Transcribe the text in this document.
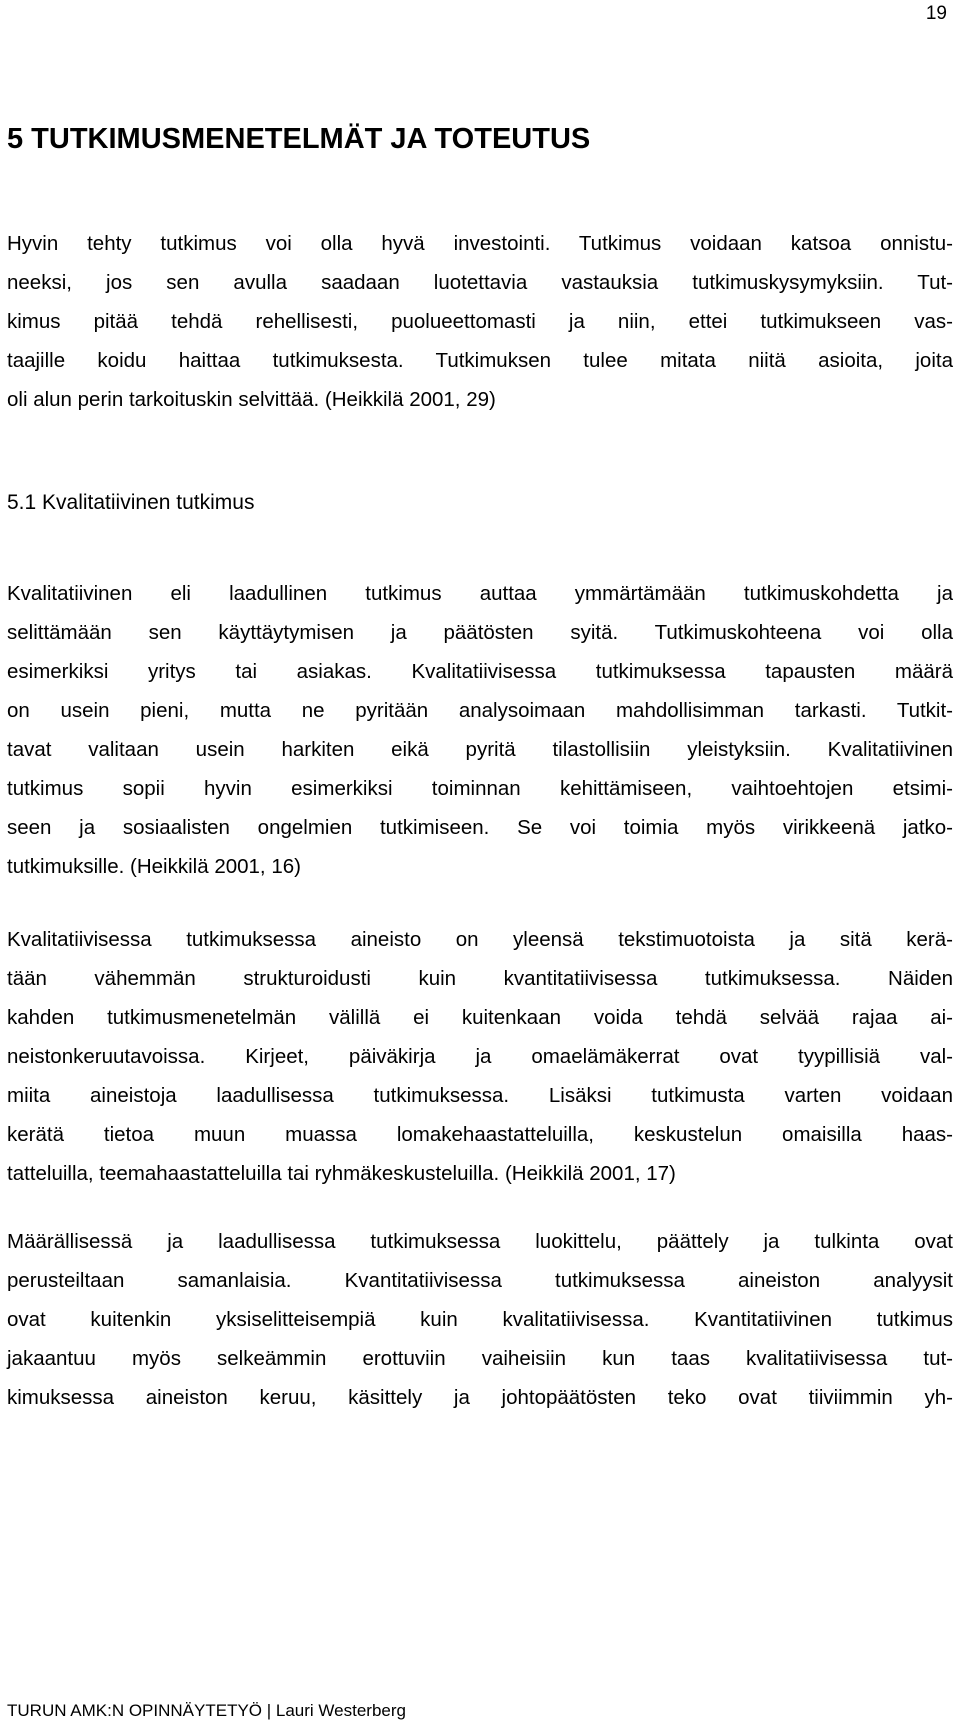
19
5 TUTKIMUSMENETELMÄT JA TOTEUTUS
Hyvin tehty tutkimus voi olla hyvä investointi. Tutkimus voidaan katsoa onnistu-
neeksi, jos sen avulla saadaan luotettavia vastauksia tutkimuskysymyksiin. Tut-
kimus pitää tehdä rehellisesti, puolueettomasti ja niin, ettei tutkimukseen vas-
taajille koidu haittaa tutkimuksesta. Tutkimuksen tulee mitata niitä asioita, joita
oli alun perin tarkoituskin selvittää. (Heikkilä 2001, 29)
5.1 Kvalitatiivinen tutkimus
Kvalitatiivinen eli laadullinen tutkimus auttaa ymmärtämään tutkimuskohdetta ja
selittämään sen käyttäytymisen ja päätösten syitä. Tutkimuskohteena voi olla
esimerkiksi yritys tai asiakas. Kvalitatiivisessa tutkimuksessa tapausten määrä
on usein pieni, mutta ne pyritään analysoimaan mahdollisimman tarkasti. Tutkit-
tavat valitaan usein harkiten eikä pyritä tilastollisiin yleistyksiin. Kvalitatiivinen
tutkimus sopii hyvin esimerkiksi toiminnan kehittämiseen, vaihtoehtojen etsimi-
seen ja sosiaalisten ongelmien tutkimiseen. Se voi toimia myös virikkeenä jatko-
tutkimuksille. (Heikkilä 2001, 16)
Kvalitatiivisessa tutkimuksessa aineisto on yleensä tekstimuotoista ja sitä kerä-
tään vähemmän strukturoidusti kuin kvantitatiivisessa tutkimuksessa. Näiden
kahden tutkimusmenetelmän välillä ei kuitenkaan voida tehdä selvää rajaa ai-
neistonkeruutavoissa. Kirjeet, päiväkirja ja omaelämäkerrat ovat tyypillisiä val-
miita aineistoja laadullisessa tutkimuksessa. Lisäksi tutkimusta varten voidaan
kerätä tietoa muun muassa lomakehaastatteluilla, keskustelun omaisilla haas-
tatteluilla, teemahaastatteluilla tai ryhmäkeskusteluilla. (Heikkilä 2001, 17)
Määrällisessä ja laadullisessa tutkimuksessa luokittelu, päättely ja tulkinta ovat
perusteiltaan samanlaisia. Kvantitatiivisessa tutkimuksessa aineiston analyysit
ovat kuitenkin yksiselitteisempiä kuin kvalitatiivisessa. Kvantitatiivinen tutkimus
jakaantuu myös selkeämmin erottuviin vaiheisiin kun taas kvalitatiivisessa tut-
kimuksessa aineiston keruu, käsittely ja johtopäätösten teko ovat tiiviimmin yh-
TURUN AMK:N OPINNÄYTETYÖ | Lauri Westerberg
